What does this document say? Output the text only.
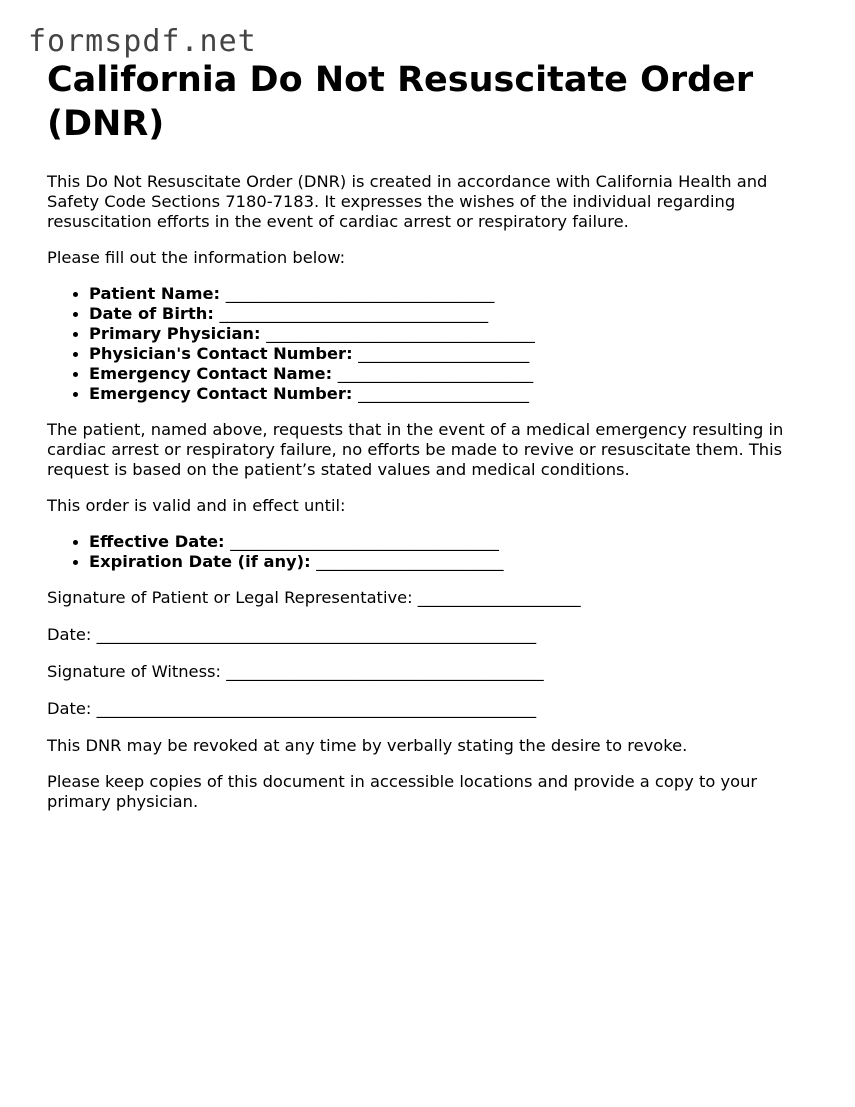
formspdf.net
California Do Not Resuscitate Order (DNR)

This Do Not Resuscitate Order (DNR) is created in accordance with California Health and Safety Code Sections 7180-7183. It expresses the wishes of the individual regarding resuscitation efforts in the event of cardiac arrest or respiratory failure.

Please fill out the information below:

Patient Name: _________________________________
Date of Birth: _________________________________
Primary Physician: _________________________________
Physician's Contact Number: _____________________
Emergency Contact Name: ________________________
Emergency Contact Number: _____________________

The patient, named above, requests that in the event of a medical emergency resulting in cardiac arrest or respiratory failure, no efforts be made to revive or resuscitate them. This request is based on the patient’s stated values and medical conditions.

This order is valid and in effect until:

Effective Date: _________________________________
Expiration Date (if any): _______________________

Signature of Patient or Legal Representative: ____________________

Date: ______________________________________________________

Signature of Witness: _______________________________________

Date: ______________________________________________________

This DNR may be revoked at any time by verbally stating the desire to revoke.

Please keep copies of this document in accessible locations and provide a copy to your primary physician.
